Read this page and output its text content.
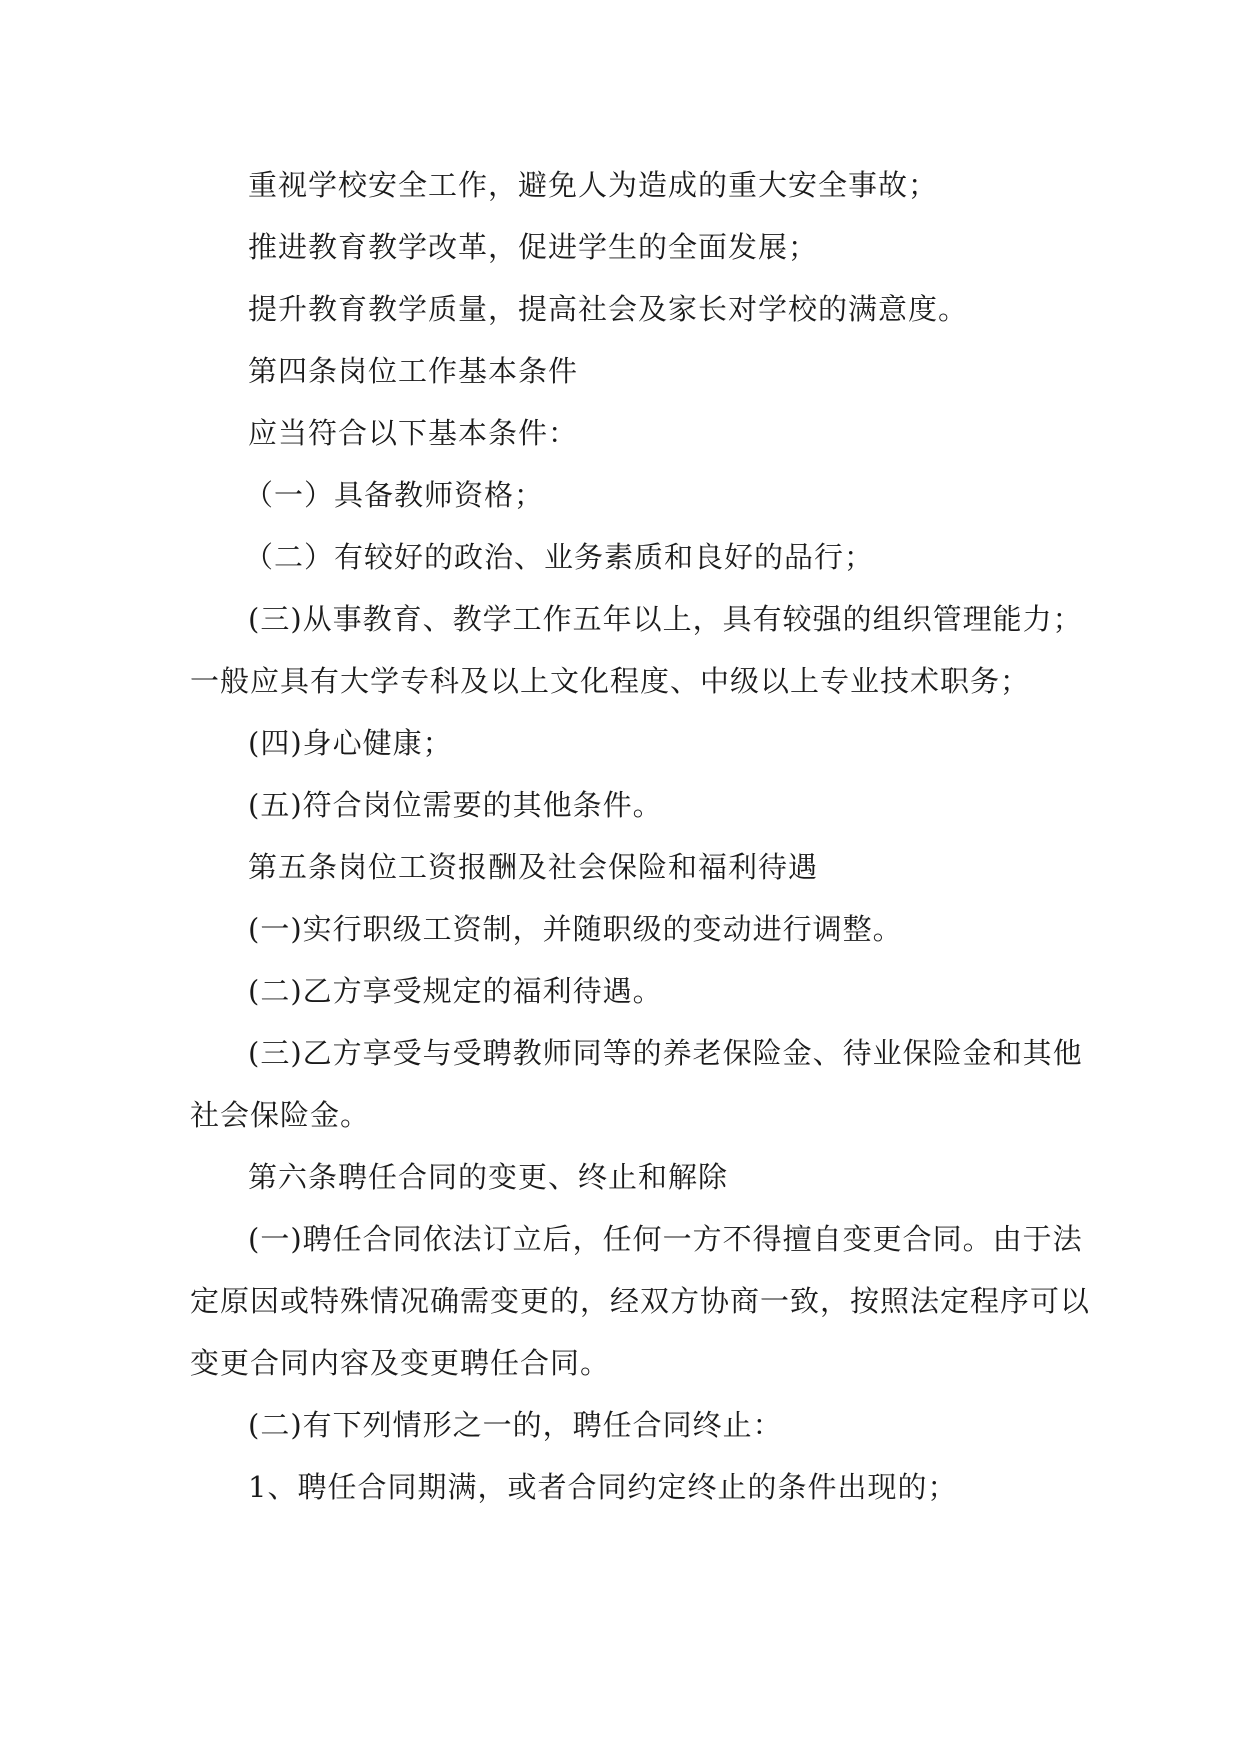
重视学校安全工作，避免人为造成的重大安全事故；
推进教育教学改革，促进学生的全面发展；
提升教育教学质量，提高社会及家长对学校的满意度。
第四条岗位工作基本条件
应当符合以下基本条件：
（一）具备教师资格；
（二）有较好的政治、业务素质和良好的品行；
(三)从事教育、教学工作五年以上，具有较强的组织管理能力；
一般应具有大学专科及以上文化程度、中级以上专业技术职务；
(四)身心健康；
(五)符合岗位需要的其他条件。
第五条岗位工资报酬及社会保险和福利待遇
(一)实行职级工资制，并随职级的变动进行调整。
(二)乙方享受规定的福利待遇。
(三)乙方享受与受聘教师同等的养老保险金、待业保险金和其他
社会保险金。
第六条聘任合同的变更、终止和解除
(一)聘任合同依法订立后，任何一方不得擅自变更合同。由于法
定原因或特殊情况确需变更的，经双方协商一致，按照法定程序可以
变更合同内容及变更聘任合同。
(二)有下列情形之一的，聘任合同终止：
1、聘任合同期满，或者合同约定终止的条件出现的；
